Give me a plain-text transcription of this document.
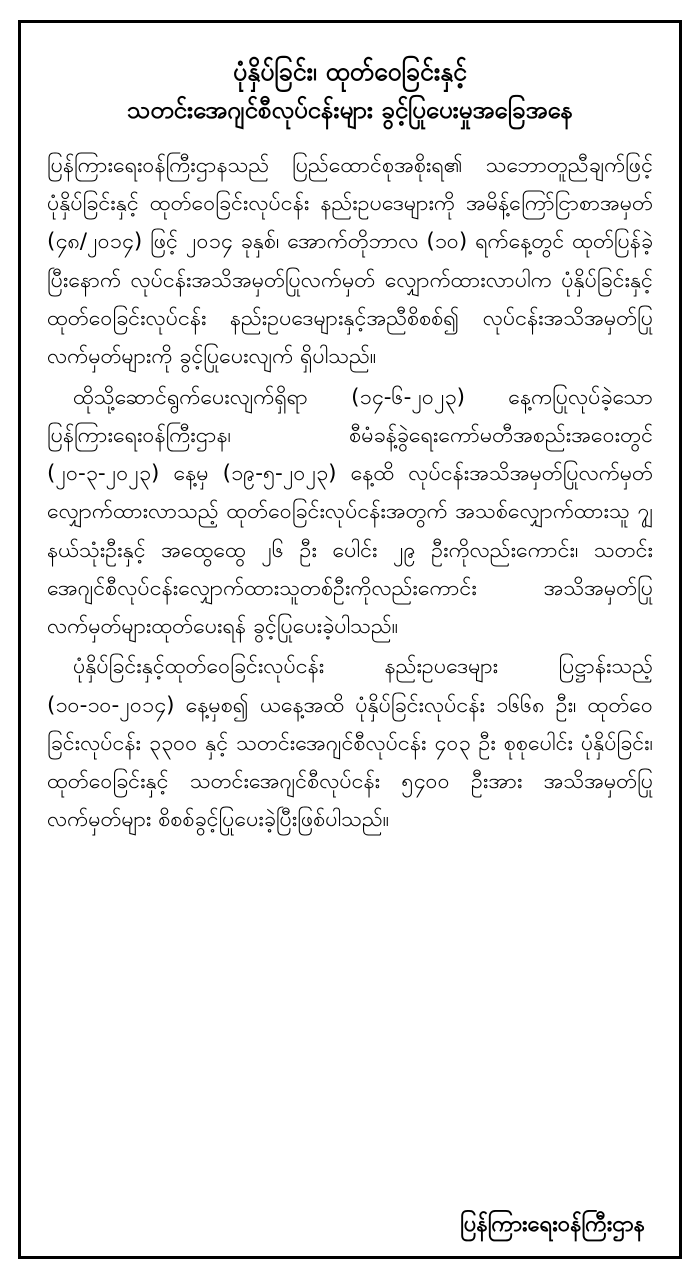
ပုံနှိပ်ခြင်း၊ ထုတ်ဝေခြင်းနှင့်
သတင်းအေဂျင်စီလုပ်ငန်းများ ခွင့်ပြုပေးမှုအခြေအနေ

ပြန်ကြားရေးဝန်ကြီးဌာနသည် ပြည်ထောင်စုအစိုးရ၏ သဘောတူညီချက်ဖြင့် ပုံနှိပ်ခြင်းနှင့် ထုတ်ဝေခြင်းလုပ်ငန်း နည်းဥပဒေများကို အမိန့်ကြော်ငြာစာအမှတ် (၄၈/၂၀၁၄) ဖြင့် ၂၀၁၄ ခုနှစ်၊ အောက်တိုဘာလ (၁၀) ရက်နေ့တွင် ထုတ်ပြန်ခဲ့ပြီးနောက် လုပ်ငန်းအသိအမှတ်ပြုလက်မှတ် လျှောက်ထားလာပါက ပုံနှိပ်ခြင်းနှင့် ထုတ်ဝေခြင်းလုပ်ငန်း နည်းဥပဒေများနှင့်အညီစိစစ်၍ လုပ်ငန်းအသိအမှတ်ပြုလက်မှတ်များကို ခွင့်ပြုပေးလျက် ရှိပါသည်။

ထိုသို့ဆောင်ရွက်ပေးလျက်ရှိရာ (၁၄-၆-၂၀၂၃) နေ့ကပြုလုပ်ခဲ့သော ပြန်ကြားရေးဝန်ကြီးဌာန၊ စီမံခန့်ခွဲရေးကော်မတီအစည်းအဝေးတွင် (၂၀-၃-၂၀၂၃) နေ့မှ (၁၉-၅-၂၀၂၃) နေ့ထိ လုပ်ငန်းအသိအမှတ်ပြုလက်မှတ် လျှောက်ထားလာသည့် ထုတ်ဝေခြင်းလုပ်ငန်းအတွက် အသစ်လျှောက်ထားသူ ၇ျနယ်သုံးဦးနှင့် အထွေထွေ ၂၆ ဦး ပေါင်း ၂၉ ဦးကိုလည်းကောင်း၊ သတင်းအေဂျင်စီလုပ်ငန်းလျှောက်ထားသူတစ်ဦးကိုလည်းကောင်း အသိအမှတ်ပြုလက်မှတ်များထုတ်ပေးရန် ခွင့်ပြုပေးခဲ့ပါသည်။

ပုံနှိပ်ခြင်းနှင့်ထုတ်ဝေခြင်းလုပ်ငန်း နည်းဥပဒေများ ပြဋ္ဌာန်းသည့် (၁၀-၁၀-၂၀၁၄) နေ့မှစ၍ ယနေ့အထိ ပုံနှိပ်ခြင်းလုပ်ငန်း ၁၆၆၈ ဦး၊ ထုတ်ဝေခြင်းလုပ်ငန်း ၃၃၀၀ နှင့် သတင်းအေဂျင်စီလုပ်ငန်း ၄၀၃ ဦး စုစုပေါင်း ပုံနှိပ်ခြင်း၊ ထုတ်ဝေခြင်းနှင့် သတင်းအေဂျင်စီလုပ်ငန်း ၅၄၀၀ ဦးအား အသိအမှတ်ပြု လက်မှတ်များ စိစစ်ခွင့်ပြုပေးခဲ့ပြီးဖြစ်ပါသည်။

ပြန်ကြားရေးဝန်ကြီးဌာန
